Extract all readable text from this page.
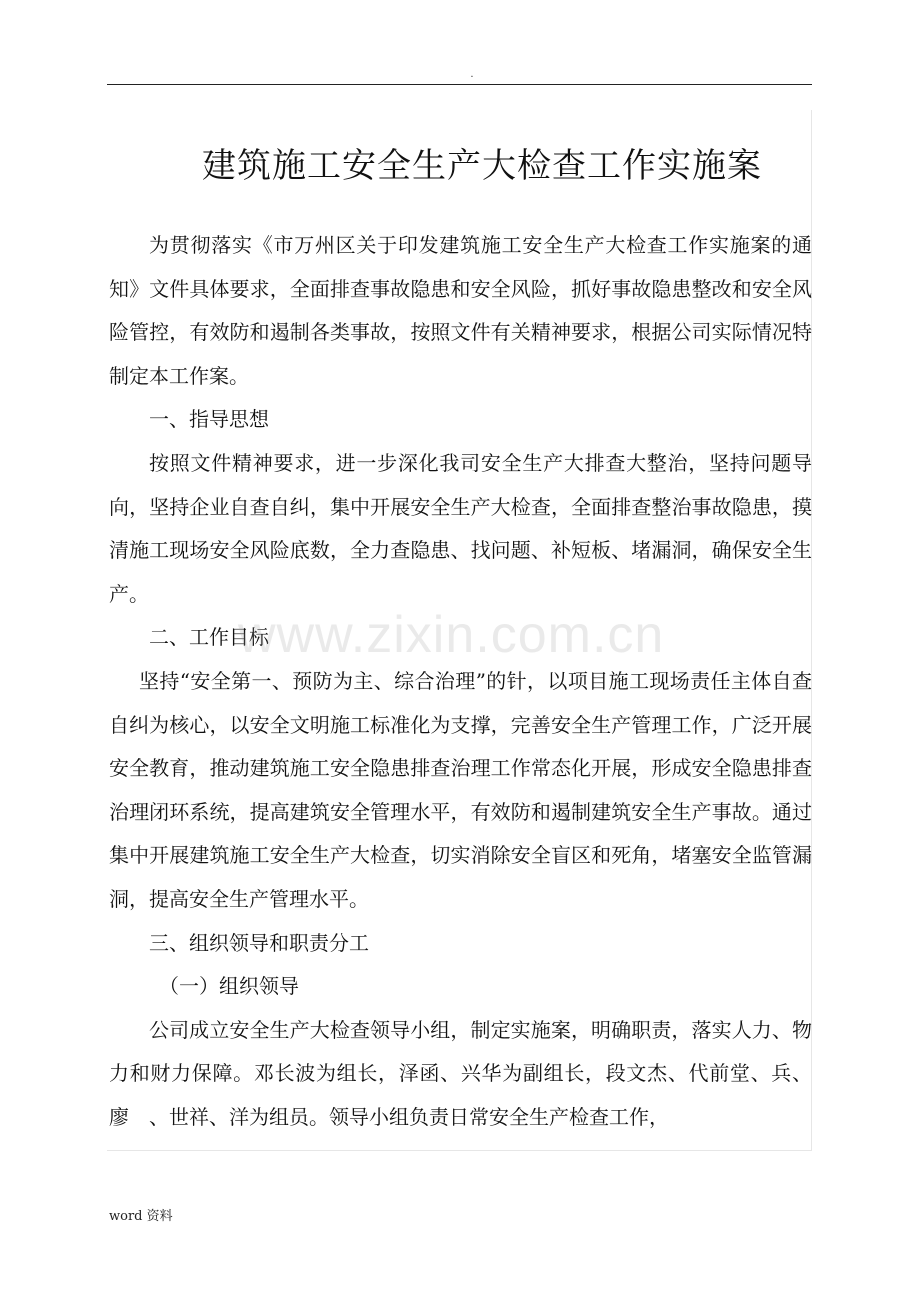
.
建筑施工安全生产大检查工作实施案

为贯彻落实《市万州区关于印发建筑施工安全生产大检查工作实施案的通知》文件具体要求，全面排查事故隐患和安全风险，抓好事故隐患整改和安全风险管控，有效防和遏制各类事故，按照文件有关精神要求，根据公司实际情况特制定本工作案。

一、指导思想

按照文件精神要求，进一步深化我司安全生产大排查大整治，坚持问题导向，坚持企业自查自纠，集中开展安全生产大检查，全面排查整治事故隐患，摸清施工现场安全风险底数，全力查隐患、找问题、补短板、堵漏洞，确保安全生产。

二、工作目标

坚持“安全第一、预防为主、综合治理”的针，以项目施工现场责任主体自查自纠为核心，以安全文明施工标准化为支撑，完善安全生产管理工作，广泛开展安全教育，推动建筑施工安全隐患排查治理工作常态化开展，形成安全隐患排查治理闭环系统，提高建筑安全管理水平，有效防和遏制建筑安全生产事故。通过集中开展建筑施工安全生产大检查，切实消除安全盲区和死角，堵塞安全监管漏洞，提高安全生产管理水平。

三、组织领导和职责分工

（一）组织领导

公司成立安全生产大检查领导小组，制定实施案，明确职责，落实人力、物力和财力保障。邓长波为组长，泽函、兴华为副组长，段文杰、代前堂、兵、廖　、世祥、洋为组员。领导小组负责日常安全生产检查工作，

www.zixin.com.cn
word 资料
